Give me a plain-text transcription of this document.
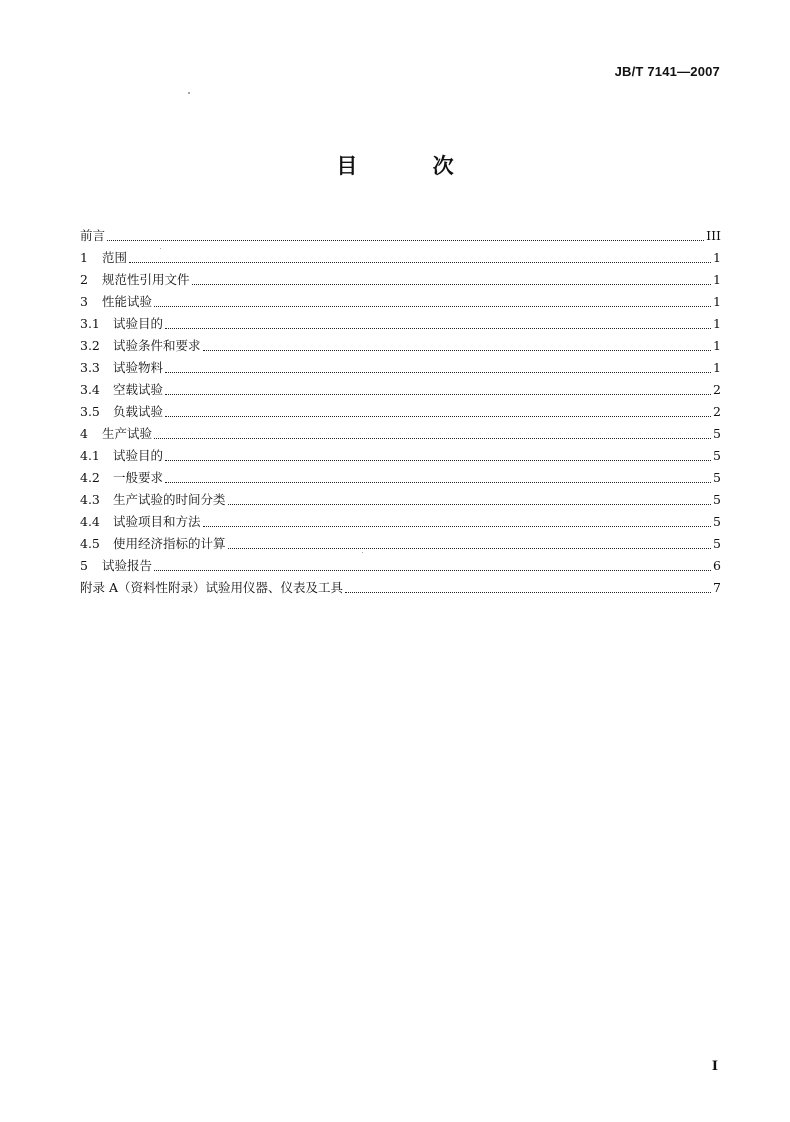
JB/T 7141—2007
目 次
前言	III
1	范围	1
2	规范性引用文件	1
3	性能试验	1
3.1	试验目的	1
3.2	试验条件和要求	1
3.3	试验物料	1
3.4	空载试验	2
3.5	负载试验	2
4	生产试验	5
4.1	试验目的	5
4.2	一般要求	5
4.3	生产试验的时间分类	5
4.4	试验项目和方法	5
4.5	使用经济指标的计算	5
5	试验报告	6
附录 A（资料性附录）试验用仪器、仪表及工具	7
I
